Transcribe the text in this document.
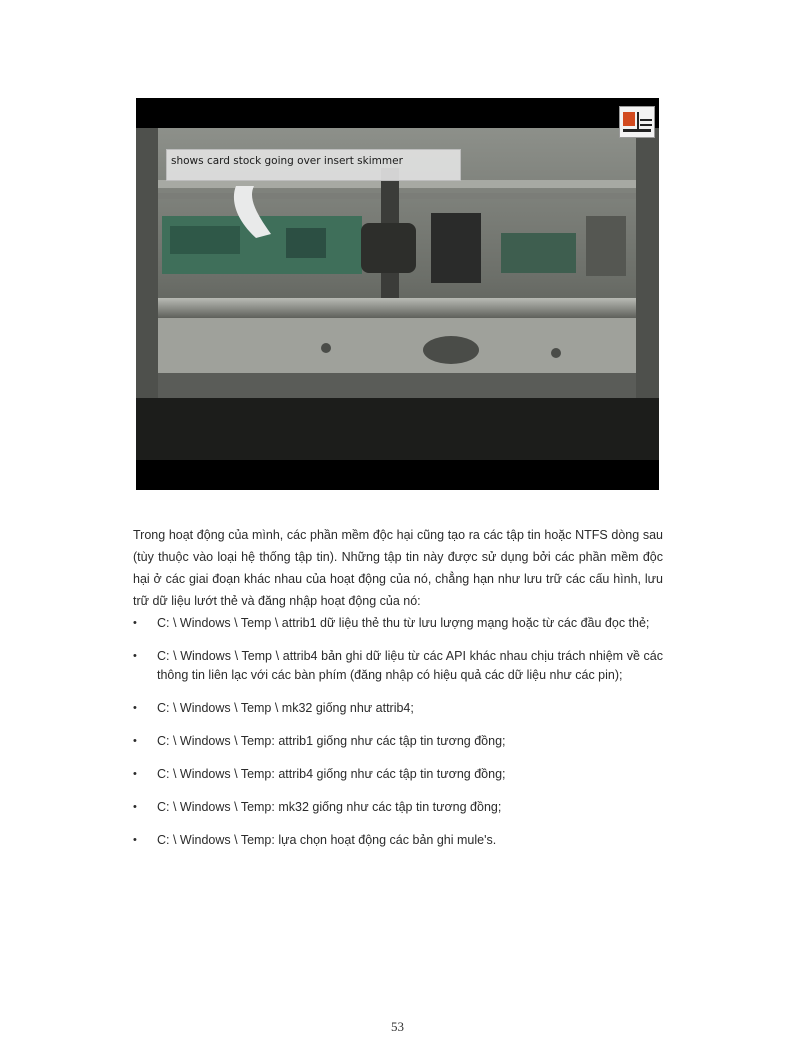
shows card stock going over insert skimmer

Trong hoạt động của mình, các phần mềm độc hại cũng tạo ra các tập tin hoặc NTFS dòng sau (tùy thuộc vào loại hệ thống tập tin). Những tập tin này được sử dụng bởi các phần mềm độc hại ở các giai đoạn khác nhau của hoạt động của nó, chẳng hạn như lưu trữ các cấu hình, lưu trữ dữ liệu lướt thẻ và đăng nhập hoạt động của nó:

• C: \ Windows \ Temp \ attrib1 dữ liệu thẻ thu từ lưu lượng mạng hoặc từ các đầu đọc thẻ;
• C: \ Windows \ Temp \ attrib4 bản ghi dữ liệu từ các API khác nhau chịu trách nhiệm về các thông tin liên lạc với các bàn phím (đăng nhập có hiệu quả các dữ liệu như các pin);
• C: \ Windows \ Temp \ mk32 giống như attrib4;
• C: \ Windows \ Temp: attrib1 giống như các tập tin tương đồng;
• C: \ Windows \ Temp: attrib4 giống như các tập tin tương đồng;
• C: \ Windows \ Temp: mk32 giống như các tập tin tương đồng;
• C: \ Windows \ Temp: lựa chọn hoạt động các bản ghi mule's.
53
